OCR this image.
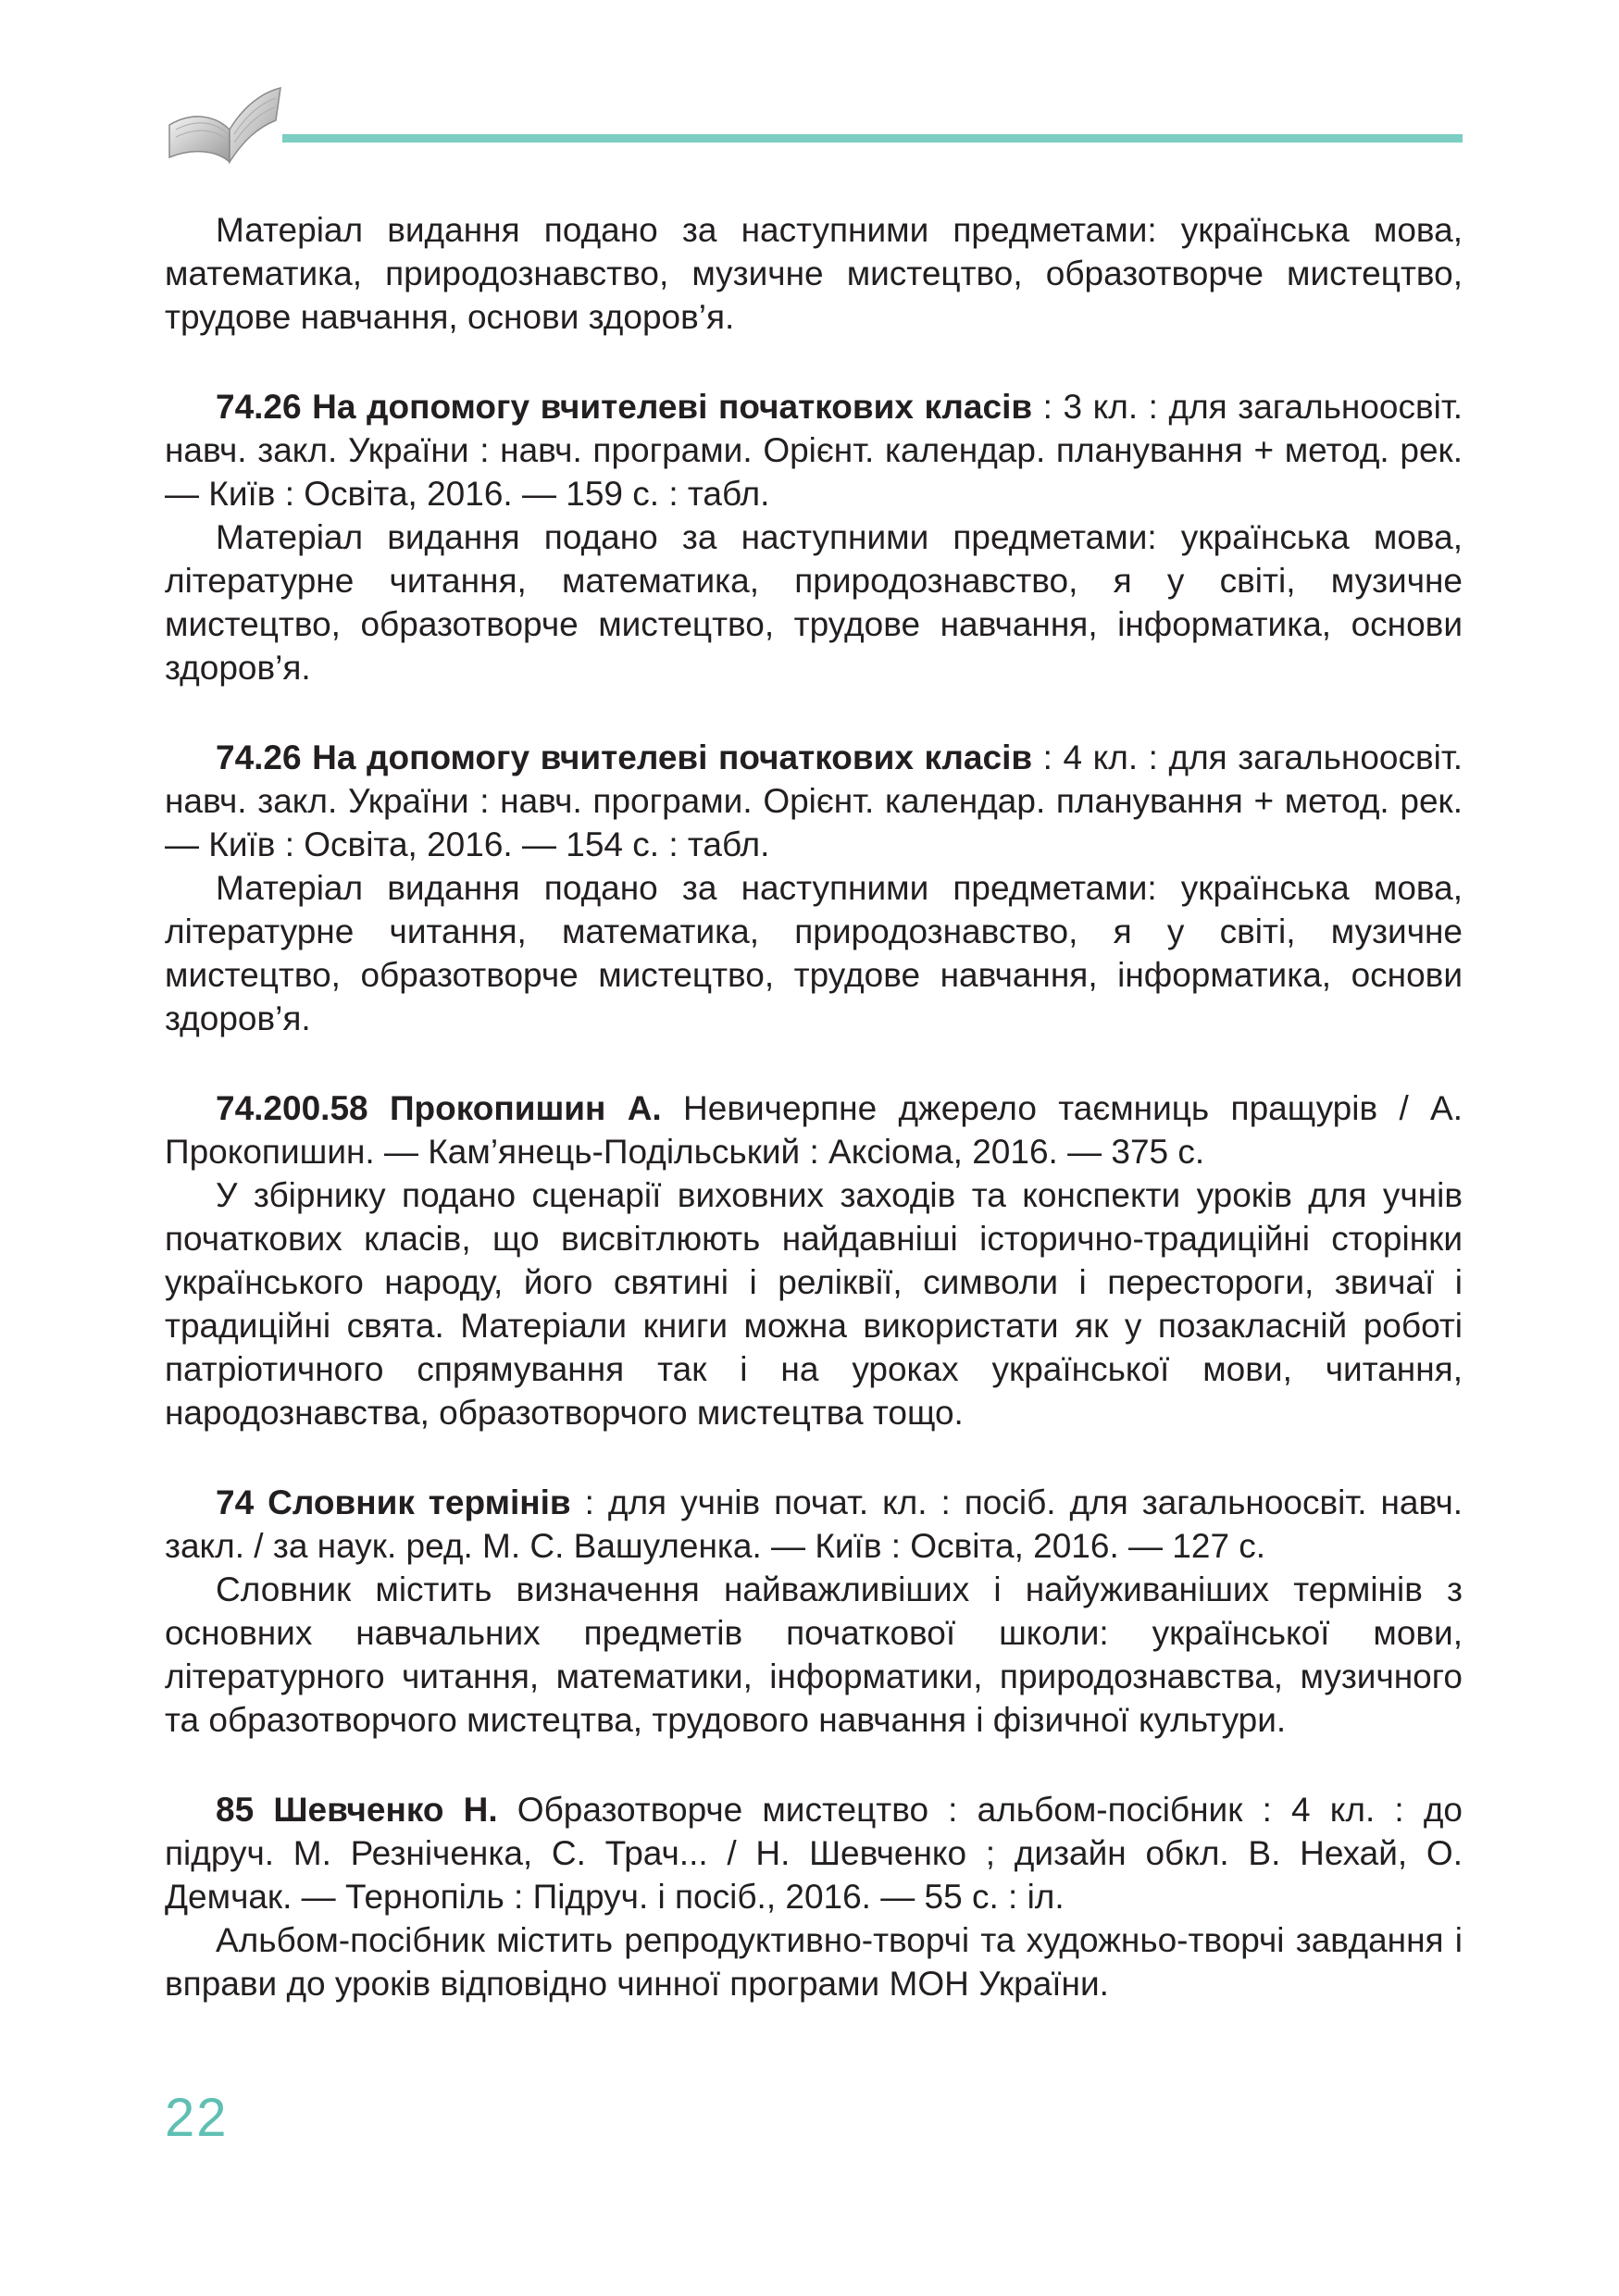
Матеріал видання подано за наступними предметами: українська мова, математика, природознавство, музичне мистецтво, образотворче мистецтво, трудове навчання, основи здоров’я.

74.26 На допомогу вчителеві початкових класів : 3 кл. : для загальноосвіт. навч. закл. України : навч. програми. Орієнт. календар. планування + метод. рек. — Київ : Освіта, 2016. — 159 с. : табл.

Матеріал видання подано за наступними предметами: українська мова, літературне читання, математика, природознавство, я у світі, музичне мистецтво, образотворче мистецтво, трудове навчання, інформатика, основи здоров’я.

74.26 На допомогу вчителеві початкових класів : 4 кл. : для загальноосвіт. навч. закл. України : навч. програми. Орієнт. календар. планування + метод. рек. — Київ : Освіта, 2016. — 154 с. : табл.

Матеріал видання подано за наступними предметами: українська мова, літературне читання, математика, природознавство, я у світі, музичне мистецтво, образотворче мистецтво, трудове навчання, інформатика, основи здоров’я.

74.200.58 Прокопишин А. Невичерпне джерело таємниць пращурів / А. Прокопишин. — Кам’янець-Подільський : Аксіома, 2016. — 375 с.

У збірнику подано сценарії виховних заходів та конспекти уроків для учнів початкових класів, що висвітлюють найдавніші історично-традиційні сторінки українського народу, його святині і реліквії, символи і перестороги, звичаї і традиційні свята. Матеріали книги можна використати як у позакласній роботі патріотичного спрямування так і на уроках української мови, читання, народознавства, образотворчого мистецтва тощо.

74 Словник термінів : для учнів почат. кл. : посіб. для загальноосвіт. навч. закл. / за наук. ред. М. С. Вашуленка. — Київ : Освіта, 2016. — 127 с.

Словник містить визначення найважливіших і найуживаніших термінів з основних навчальних предметів початкової школи: української мови, літературного читання, математики, інформатики, природознавства, музичного та образотворчого мистецтва, трудового навчання і фізичної культури.

85 Шевченко Н. Образотворче мистецтво : альбом-посібник : 4 кл. : до підруч. М. Резніченка, С. Трач... / Н. Шевченко ; дизайн обкл. В. Нехай, О. Демчак. — Тернопіль : Підруч. і посіб., 2016. — 55 с. : іл.

Альбом-посібник містить репродуктивно-творчі та художньо-творчі завдання і вправи до уроків відповідно чинної програми МОН України.

22
